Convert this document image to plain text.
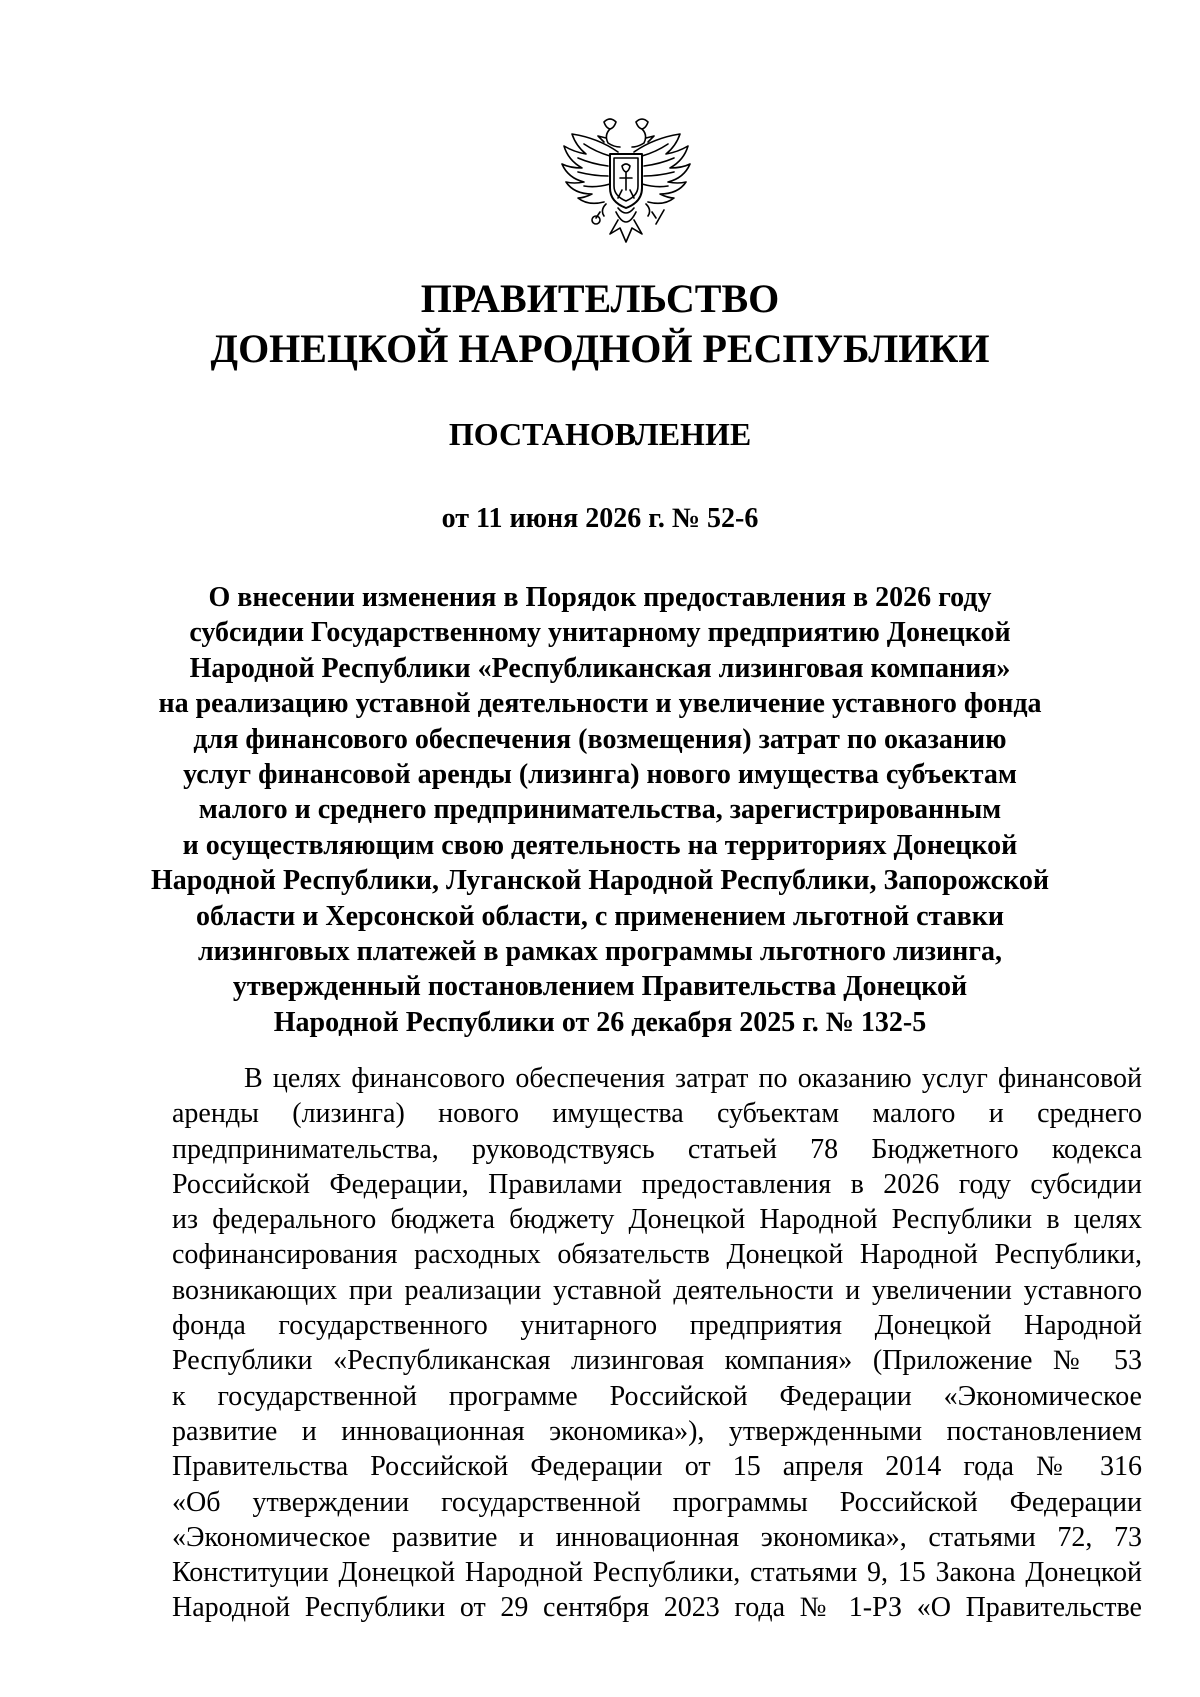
ПРАВИТЕЛЬСТВО
ДОНЕЦКОЙ НАРОДНОЙ РЕСПУБЛИКИ
ПОСТАНОВЛЕНИЕ
от 11 июня 2026 г. № 52-6
О внесении изменения в Порядок предоставления в 2026 году
субсидии Государственному унитарному предприятию Донецкой
Народной Республики «Республиканская лизинговая компания»
на реализацию уставной деятельности и увеличение уставного фонда
для финансового обеспечения (возмещения) затрат по оказанию
услуг финансовой аренды (лизинга) нового имущества субъектам
малого и среднего предпринимательства, зарегистрированным
и осуществляющим свою деятельность на территориях Донецкой
Народной Республики, Луганской Народной Республики, Запорожской
области и Херсонской области, с применением льготной ставки
лизинговых платежей в рамках программы льготного лизинга,
утвержденный постановлением Правительства Донецкой
Народной Республики от 26 декабря 2025 г. № 132-5
В целях финансового обеспечения затрат по оказанию услуг финансовой
аренды (лизинга) нового имущества субъектам малого и среднего
предпринимательства, руководствуясь статьей 78 Бюджетного кодекса
Российской Федерации, Правилами предоставления в 2026 году субсидии
из федерального бюджета бюджету Донецкой Народной Республики в целях
софинансирования расходных обязательств Донецкой Народной Республики,
возникающих при реализации уставной деятельности и увеличении уставного
фонда государственного унитарного предприятия Донецкой Народной
Республики «Республиканская лизинговая компания» (Приложение № 53
к государственной программе Российской Федерации «Экономическое
развитие и инновационная экономика»), утвержденными постановлением
Правительства Российской Федерации от 15 апреля 2014 года № 316
«Об утверждении государственной программы Российской Федерации
«Экономическое развитие и инновационная экономика», статьями 72, 73
Конституции Донецкой Народной Республики, статьями 9, 15 Закона Донецкой
Народной Республики от 29 сентября 2023 года № 1-РЗ «О Правительстве
